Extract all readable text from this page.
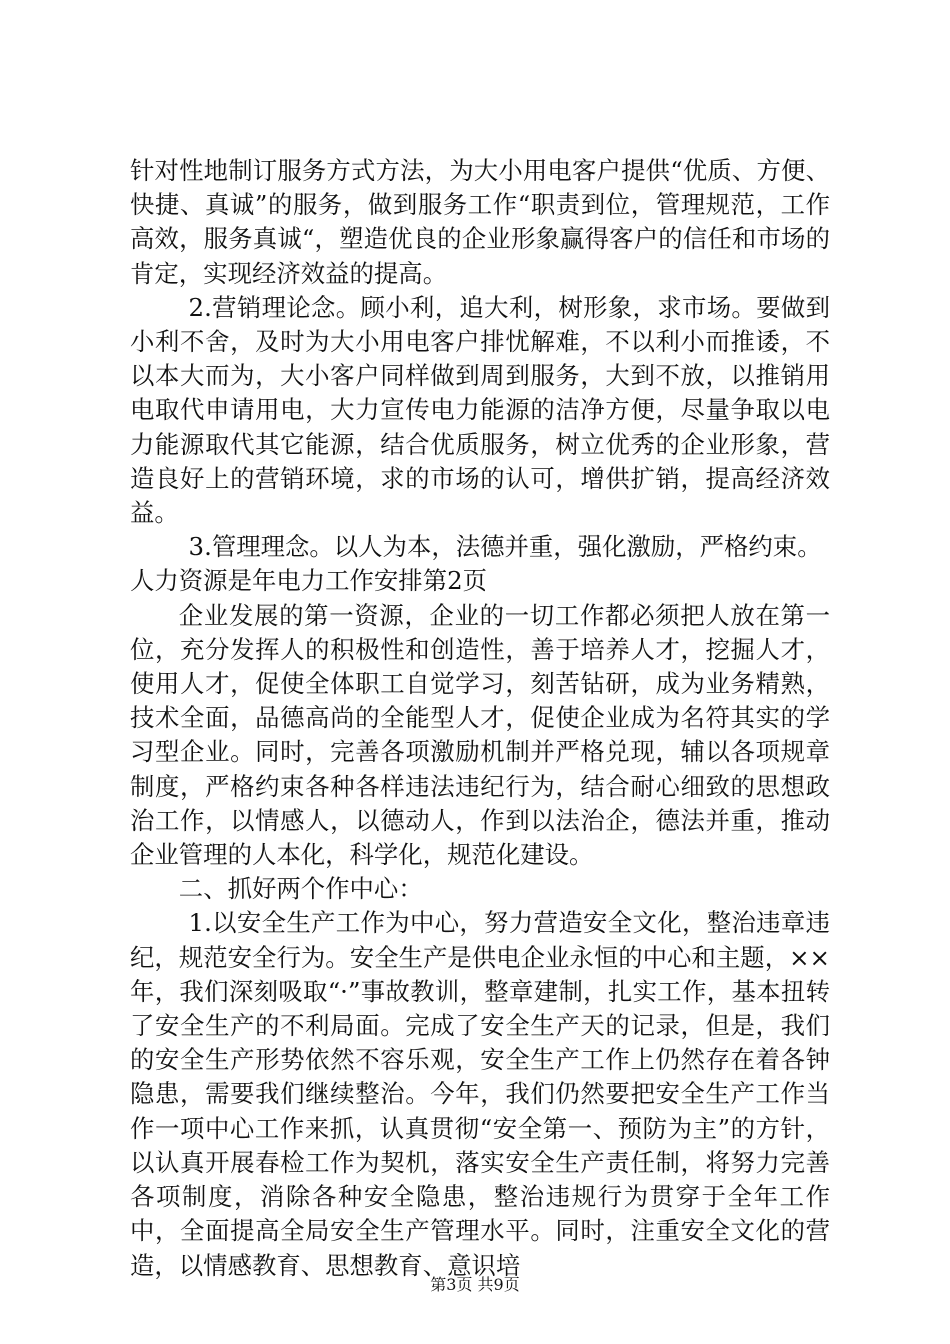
针对性地制订服务方式方法，为大小用电客户提供“优质、方便、快捷、真诚”的服务，做到服务工作“职责到位，管理规范，工作高效，服务真诚“，塑造优良的企业形象赢得客户的信任和市场的肯定，实现经济效益的提高。

2.营销理论念。顾小利，追大利，树形象，求市场。要做到小利不舍，及时为大小用电客户排忧解难，不以利小而推诿，不以本大而为，大小客户同样做到周到服务，大到不放，以推销用电取代申请用电，大力宣传电力能源的洁净方便，尽量争取以电力能源取代其它能源，结合优质服务，树立优秀的企业形象，营造良好上的营销环境，求的市场的认可，增供扩销，提高经济效益。

3.管理理念。以人为本，法德并重，强化激励，严格约束。

人力资源是年电力工作安排第2页

企业发展的第一资源，企业的一切工作都必须把人放在第一位，充分发挥人的积极性和创造性，善于培养人才，挖掘人才，使用人才，促使全体职工自觉学习，刻苦钻研，成为业务精熟，技术全面，品德高尚的全能型人才，促使企业成为名符其实的学习型企业。同时，完善各项激励机制并严格兑现，辅以各项规章制度，严格约束各种各样违法违纪行为，结合耐心细致的思想政治工作，以情感人，以德动人，作到以法治企，德法并重，推动企业管理的人本化，科学化，规范化建设。

二、抓好两个作中心：

1.以安全生产工作为中心，努力营造安全文化，整治违章违纪，规范安全行为。安全生产是供电企业永恒的中心和主题，××年，我们深刻吸取“·”事故教训，整章建制，扎实工作，基本扭转了安全生产的不利局面。完成了安全生产天的记录，但是，我们的安全生产形势依然不容乐观，安全生产工作上仍然存在着各钟隐患，需要我们继续整治。今年，我们仍然要把安全生产工作当作一项中心工作来抓，认真贯彻“安全第一、预防为主”的方针，以认真开展春检工作为契机，落实安全生产责任制，将努力完善各项制度，消除各种安全隐患，整治违规行为贯穿于全年工作中，全面提高全局安全生产管理水平。同时，注重安全文化的营造，以情感教育、思想教育、意识培

第3页 共9页
